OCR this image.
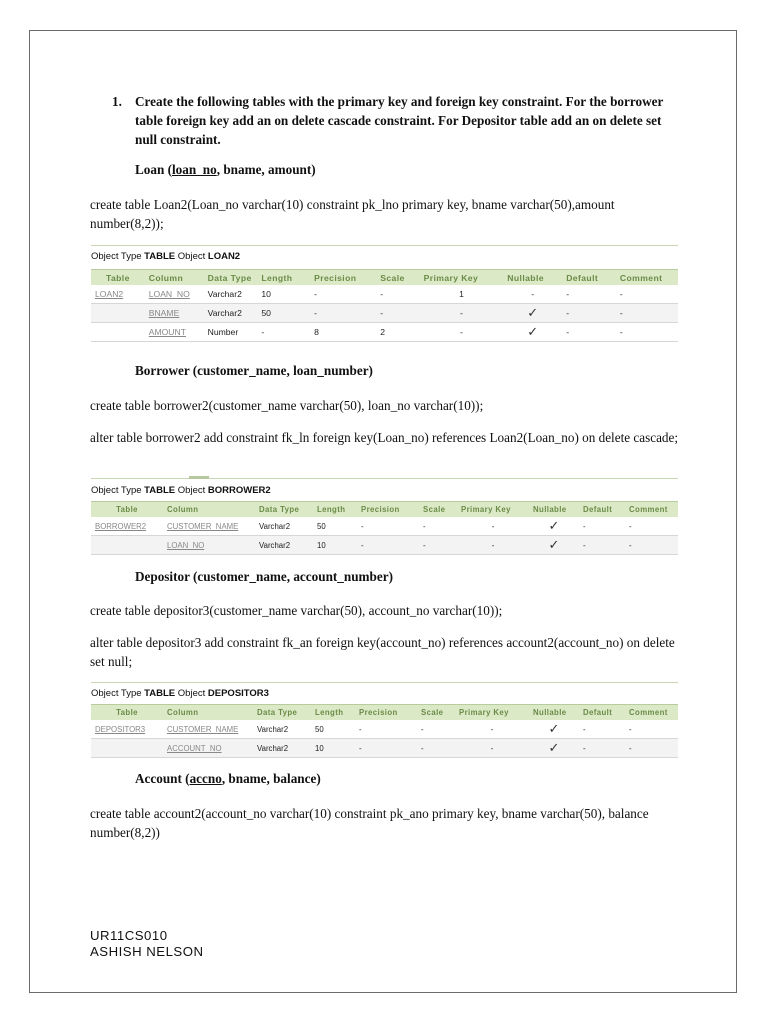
1. Create the following tables with the primary key and foreign key constraint. For the borrower table foreign key add an on delete cascade constraint. For Depositor table add an on delete set null constraint.
Loan (loan_no, bname, amount)
create table Loan2(Loan_no varchar(10) constraint pk_lno primary key, bname varchar(50),amount number(8,2));
Object Type TABLE Object LOAN2
Table	Column	Data Type	Length	Precision	Scale	Primary Key	Nullable	Default	Comment
LOAN2	LOAN_NO	Varchar2	10	-	-	1	-	-	-
	BNAME	Varchar2	50	-	-	-	✓	-	-
	AMOUNT	Number	-	8	2	-	✓	-	-
Borrower (customer_name, loan_number)
create table borrower2(customer_name varchar(50), loan_no varchar(10));
alter table borrower2 add constraint fk_ln foreign key(Loan_no) references Loan2(Loan_no) on delete cascade;
Object Type TABLE Object BORROWER2
Table	Column	Data Type	Length	Precision	Scale	Primary Key	Nullable	Default	Comment
BORROWER2	CUSTOMER_NAME	Varchar2	50	-	-	-	✓	-	-
	LOAN_NO	Varchar2	10	-	-	-	✓	-	-
Depositor (customer_name, account_number)
create table depositor3(customer_name varchar(50), account_no varchar(10));
alter table depositor3 add constraint fk_an foreign key(account_no) references account2(account_no) on delete set null;
Object Type TABLE Object DEPOSITOR3
Table	Column	Data Type	Length	Precision	Scale	Primary Key	Nullable	Default	Comment
DEPOSITOR3	CUSTOMER_NAME	Varchar2	50	-	-	-	✓	-	-
	ACCOUNT_NO	Varchar2	10	-	-	-	✓	-	-
Account (accno, bname, balance)
create table account2(account_no varchar(10) constraint pk_ano primary key, bname varchar(50), balance number(8,2))
UR11CS010
ASHISH NELSON
